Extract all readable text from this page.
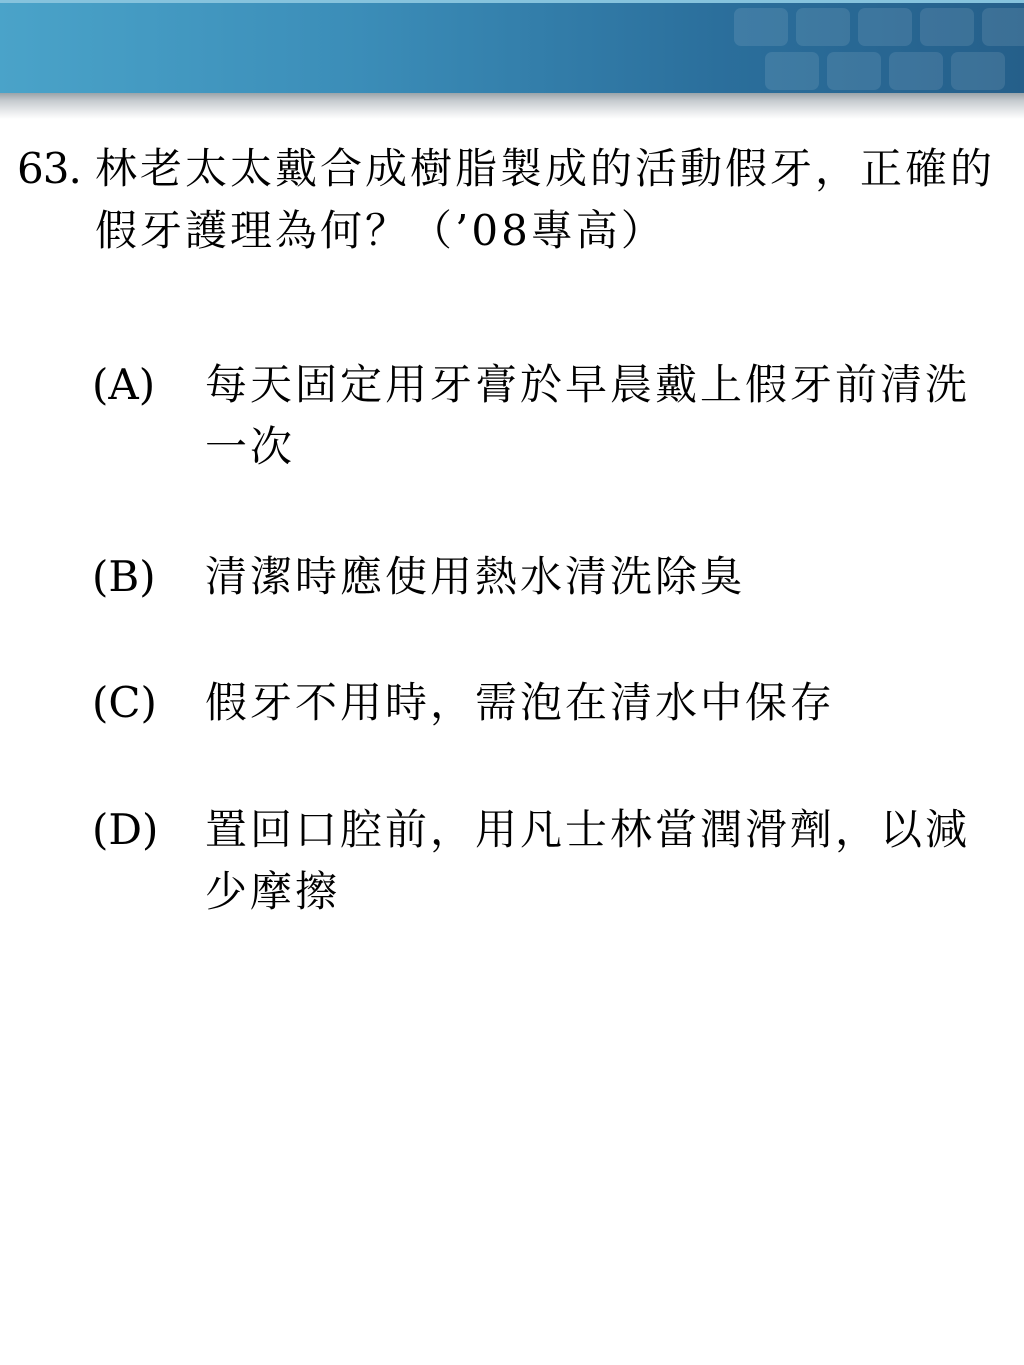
63. 林老太太戴合成樹脂製成的活動假牙，正確的假牙護理為何？（’08專高）
(A) 每天固定用牙膏於早晨戴上假牙前清洗一次
(B) 清潔時應使用熱水清洗除臭
(C) 假牙不用時，需泡在清水中保存
(D) 置回口腔前，用凡士林當潤滑劑，以減少摩擦
